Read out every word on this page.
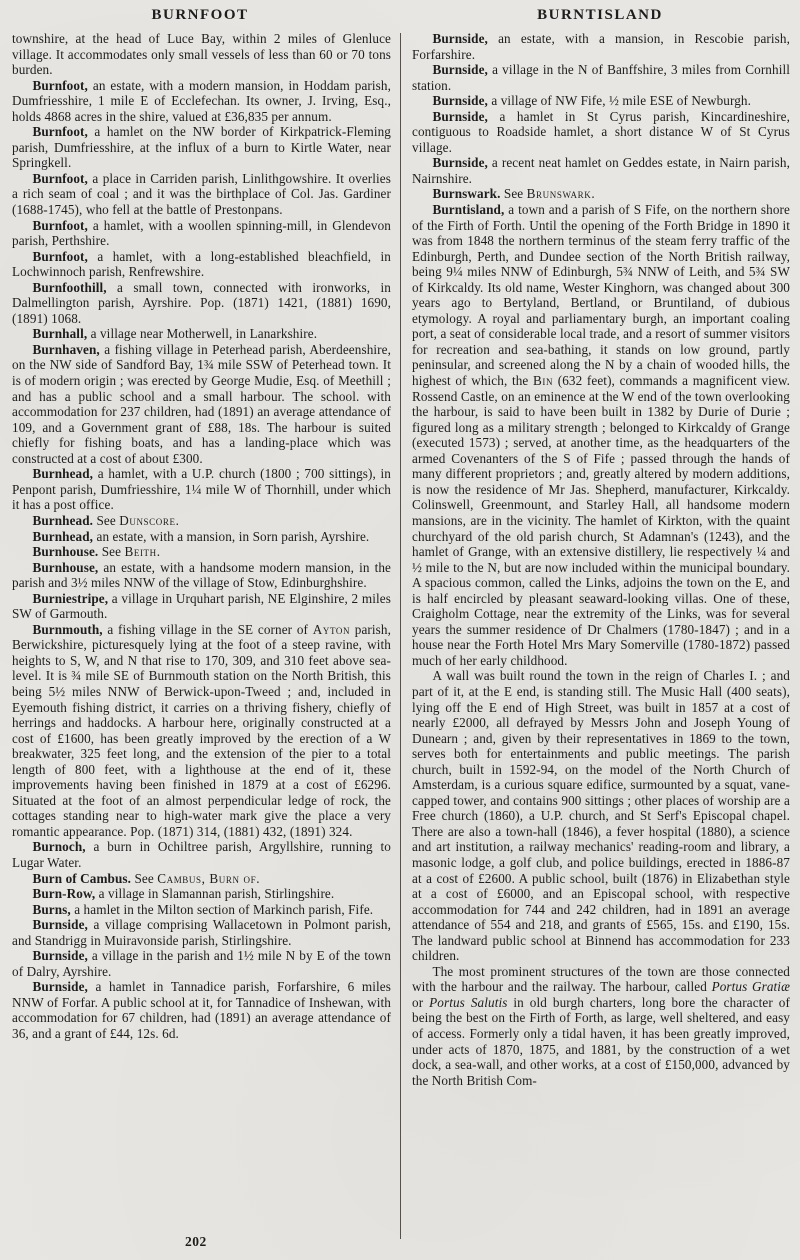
BURNFOOT	BURNTISLAND

townshire, at the head of Luce Bay, within 2 miles of Glenluce village. It accommodates only small vessels of less than 60 or 70 tons burden.

Burnfoot, an estate, with a modern mansion, in Hoddam parish, Dumfriesshire, 1 mile E of Ecclefechan. Its owner, J. Irving, Esq., holds 4868 acres in the shire, valued at £36,835 per annum.

Burnfoot, a hamlet on the NW border of Kirkpatrick-Fleming parish, Dumfriesshire, at the influx of a burn to Kirtle Water, near Springkell.

Burnfoot, a place in Carriden parish, Linlithgowshire. It overlies a rich seam of coal ; and it was the birthplace of Col. Jas. Gardiner (1688-1745), who fell at the battle of Prestonpans.

Burnfoot, a hamlet, with a woollen spinning-mill, in Glendevon parish, Perthshire.

Burnfoot, a hamlet, with a long-established bleachfield, in Lochwinnoch parish, Renfrewshire.

Burnfoothill, a small town, connected with ironworks, in Dalmellington parish, Ayrshire. Pop. (1871) 1421, (1881) 1690, (1891) 1068.

Burnhall, a village near Motherwell, in Lanarkshire.

Burnhaven, a fishing village in Peterhead parish, Aberdeenshire, on the NW side of Sandford Bay, 1¾ mile SSW of Peterhead town. It is of modern origin ; was erected by George Mudie, Esq. of Meethill ; and has a public school and a small harbour. The school. with accommodation for 237 children, had (1891) an average attendance of 109, and a Government grant of £88, 18s. The harbour is suited chiefly for fishing boats, and has a landing-place which was constructed at a cost of about £300.

Burnhead, a hamlet, with a U.P. church (1800 ; 700 sittings), in Penpont parish, Dumfriesshire, 1¼ mile W of Thornhill, under which it has a post office.

Burnhead. See Dunscore.

Burnhead, an estate, with a mansion, in Sorn parish, Ayrshire.

Burnhouse. See Beith.

Burnhouse, an estate, with a handsome modern mansion, in the parish and 3½ miles NNW of the village of Stow, Edinburghshire.

Burniestripe, a village in Urquhart parish, NE Elginshire, 2 miles SW of Garmouth.

Burnmouth, a fishing village in the SE corner of Ayton parish, Berwickshire, picturesquely lying at the foot of a steep ravine, with heights to S, W, and N that rise to 170, 309, and 310 feet above sea-level. It is ¾ mile SE of Burnmouth station on the North British, this being 5½ miles NNW of Berwick-upon-Tweed ; and, included in Eyemouth fishing district, it carries on a thriving fishery, chiefly of herrings and haddocks. A harbour here, originally constructed at a cost of £1600, has been greatly improved by the erection of a W breakwater, 325 feet long, and the extension of the pier to a total length of 800 feet, with a lighthouse at the end of it, these improvements having been finished in 1879 at a cost of £6296. Situated at the foot of an almost perpendicular ledge of rock, the cottages standing near to high-water mark give the place a very romantic appearance. Pop. (1871) 314, (1881) 432, (1891) 324.

Burnoch, a burn in Ochiltree parish, Argyllshire, running to Lugar Water.

Burn of Cambus. See Cambus, Burn of.

Burn-Row, a village in Slamannan parish, Stirlingshire.

Burns, a hamlet in the Milton section of Markinch parish, Fife.

Burnside, a village comprising Wallacetown in Polmont parish, and Standrigg in Muiravonside parish, Stirlingshire.

Burnside, a village in the parish and 1½ mile N by E of the town of Dalry, Ayrshire.

Burnside, a hamlet in Tannadice parish, Forfarshire, 6 miles NNW of Forfar. A public school at it, for Tannadice of Inshewan, with accommodation for 67 children, had (1891) an average attendance of 36, and a grant of £44, 12s. 6d.

Burnside, an estate, with a mansion, in Rescobie parish, Forfarshire.

Burnside, a village in the N of Banffshire, 3 miles from Cornhill station.

Burnside, a village of NW Fife, ½ mile ESE of Newburgh.

Burnside, a hamlet in St Cyrus parish, Kincardineshire, contiguous to Roadside hamlet, a short distance W of St Cyrus village.

Burnside, a recent neat hamlet on Geddes estate, in Nairn parish, Nairnshire.

Burnswark. See Brunswark.

Burntisland, a town and a parish of S Fife, on the northern shore of the Firth of Forth. Until the opening of the Forth Bridge in 1890 it was from 1848 the northern terminus of the steam ferry traffic of the Edinburgh, Perth, and Dundee section of the North British railway, being 9¼ miles NNW of Edinburgh, 5¾ NNW of Leith, and 5¾ SW of Kirkcaldy. Its old name, Wester Kinghorn, was changed about 300 years ago to Bertyland, Bertland, or Bruntiland, of dubious etymology. A royal and parliamentary burgh, an important coaling port, a seat of considerable local trade, and a resort of summer visitors for recreation and sea-bathing, it stands on low ground, partly peninsular, and screened along the N by a chain of wooded hills, the highest of which, the Bin (632 feet), commands a magnificent view. Rossend Castle, on an eminence at the W end of the town overlooking the harbour, is said to have been built in 1382 by Durie of Durie ; figured long as a military strength ; belonged to Kirkcaldy of Grange (executed 1573) ; served, at another time, as the headquarters of the armed Covenanters of the S of Fife ; passed through the hands of many different proprietors ; and, greatly altered by modern additions, is now the residence of Mr Jas. Shepherd, manufacturer, Kirkcaldy. Colinswell, Greenmount, and Starley Hall, all handsome modern mansions, are in the vicinity. The hamlet of Kirkton, with the quaint churchyard of the old parish church, St Adamnan's (1243), and the hamlet of Grange, with an extensive distillery, lie respectively ¼ and ½ mile to the N, but are now included within the municipal boundary. A spacious common, called the Links, adjoins the town on the E, and is half encircled by pleasant seaward-looking villas. One of these, Craigholm Cottage, near the extremity of the Links, was for several years the summer residence of Dr Chalmers (1780-1847) ; and in a house near the Forth Hotel Mrs Mary Somerville (1780-1872) passed much of her early childhood.

A wall was built round the town in the reign of Charles I. ; and part of it, at the E end, is standing still. The Music Hall (400 seats), lying off the E end of High Street, was built in 1857 at a cost of nearly £2000, all defrayed by Messrs John and Joseph Young of Dunearn ; and, given by their representatives in 1869 to the town, serves both for entertainments and public meetings. The parish church, built in 1592-94, on the model of the North Church of Amsterdam, is a curious square edifice, surmounted by a squat, vane-capped tower, and contains 900 sittings ; other places of worship are a Free church (1860), a U.P. church, and St Serf's Episcopal chapel. There are also a town-hall (1846), a fever hospital (1880), a science and art institution, a railway mechanics' reading-room and library, a masonic lodge, a golf club, and police buildings, erected in 1886-87 at a cost of £2600. A public school, built (1876) in Elizabethan style at a cost of £6000, and an Episcopal school, with respective accommodation for 744 and 242 children, had in 1891 an average attendance of 554 and 218, and grants of £565, 15s. and £190, 15s. The landward public school at Binnend has accommodation for 233 children.

The most prominent structures of the town are those connected with the harbour and the railway. The harbour, called Portus Gratiæ or Portus Salutis in old burgh charters, long bore the character of being the best on the Firth of Forth, as large, well sheltered, and easy of access. Formerly only a tidal haven, it has been greatly improved, under acts of 1870, 1875, and 1881, by the construction of a wet dock, a sea-wall, and other works, at a cost of £150,000, advanced by the North British Com-

202
